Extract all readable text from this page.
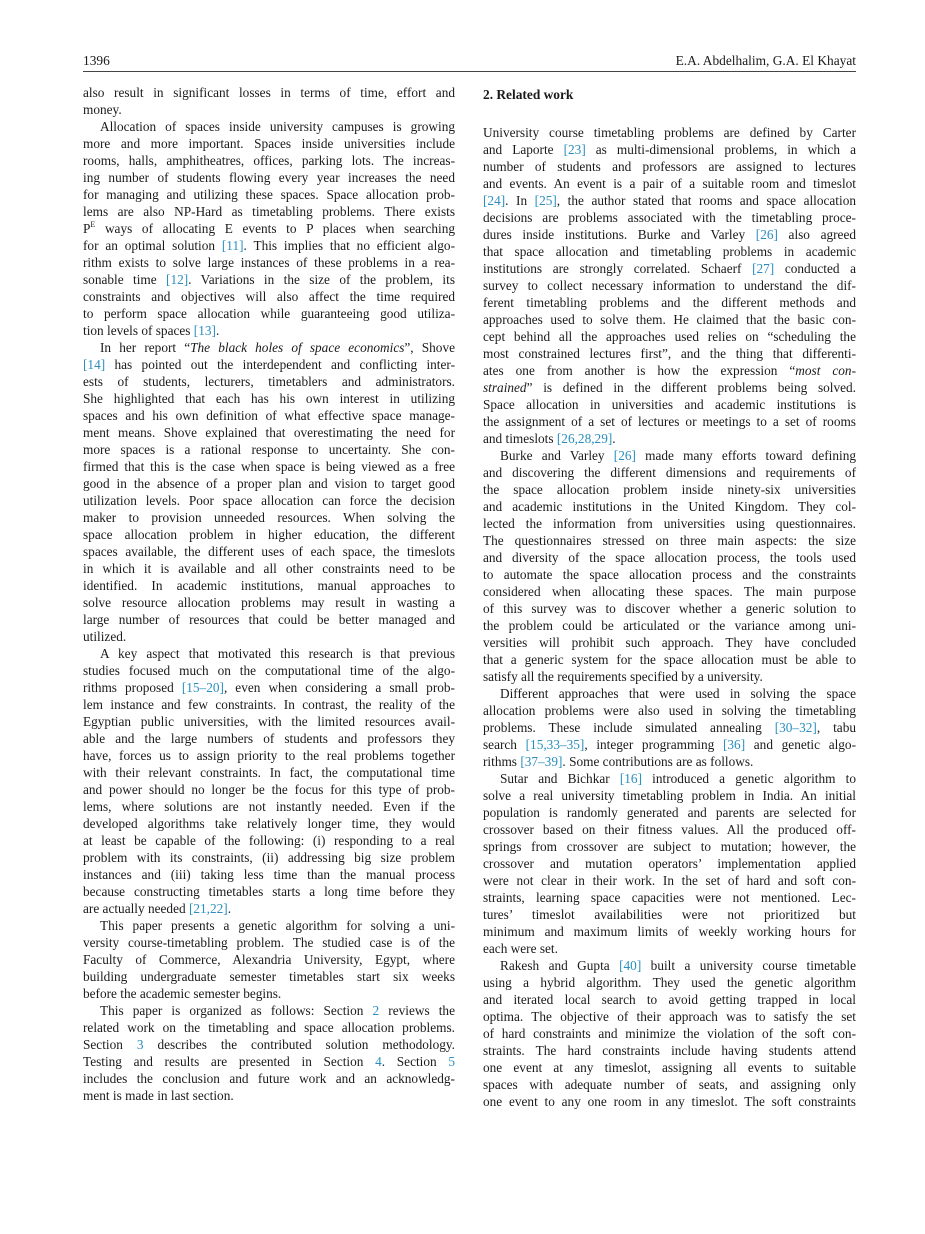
1396	E.A. Abdelhalim, G.A. El Khayat
2. Related work
also result in significant losses in terms of time, effort and
money.
Allocation of spaces inside university campuses is growing
more and more important. Spaces inside universities include
rooms, halls, amphitheatres, offices, parking lots. The increas-
ing number of students flowing every year increases the need
for managing and utilizing these spaces. Space allocation prob-
lems are also NP-Hard as timetabling problems. There exists
$P^E$ ways of allocating E events to P places when searching
for an optimal solution [11]. This implies that no efficient algo-
rithm exists to solve large instances of these problems in a rea-
sonable time [12]. Variations in the size of the problem, its
constraints and objectives will also affect the time required
to perform space allocation while guaranteeing good utiliza-
tion levels of spaces [13].
In her report “The black holes of space economics”, Shove
[14] has pointed out the interdependent and conflicting inter-
ests of students, lecturers, timetablers and administrators.
She highlighted that each has his own interest in utilizing
spaces and his own definition of what effective space manage-
ment means. Shove explained that overestimating the need for
more spaces is a rational response to uncertainty. She con-
firmed that this is the case when space is being viewed as a free
good in the absence of a proper plan and vision to target good
utilization levels. Poor space allocation can force the decision
maker to provision unneeded resources. When solving the
space allocation problem in higher education, the different
spaces available, the different uses of each space, the timeslots
in which it is available and all other constraints need to be
identified. In academic institutions, manual approaches to
solve resource allocation problems may result in wasting a
large number of resources that could be better managed and
utilized.
A key aspect that motivated this research is that previous
studies focused much on the computational time of the algo-
rithms proposed [15–20], even when considering a small prob-
lem instance and few constraints. In contrast, the reality of the
Egyptian public universities, with the limited resources avail-
able and the large numbers of students and professors they
have, forces us to assign priority to the real problems together
with their relevant constraints. In fact, the computational time
and power should no longer be the focus for this type of prob-
lems, where solutions are not instantly needed. Even if the
developed algorithms take relatively longer time, they would
at least be capable of the following: (i) responding to a real
problem with its constraints, (ii) addressing big size problem
instances and (iii) taking less time than the manual process
because constructing timetables starts a long time before they
are actually needed [21,22].
This paper presents a genetic algorithm for solving a uni-
versity course-timetabling problem. The studied case is of the
Faculty of Commerce, Alexandria University, Egypt, where
building undergraduate semester timetables start six weeks
before the academic semester begins.
This paper is organized as follows: Section 2 reviews the
related work on the timetabling and space allocation problems.
Section 3 describes the contributed solution methodology.
Testing and results are presented in Section 4. Section 5
includes the conclusion and future work and an acknowledg-
ment is made in last section.
University course timetabling problems are defined by Carter
and Laporte [23] as multi-dimensional problems, in which a
number of students and professors are assigned to lectures
and events. An event is a pair of a suitable room and timeslot
[24]. In [25], the author stated that rooms and space allocation
decisions are problems associated with the timetabling proce-
dures inside institutions. Burke and Varley [26] also agreed
that space allocation and timetabling problems in academic
institutions are strongly correlated. Schaerf [27] conducted a
survey to collect necessary information to understand the dif-
ferent timetabling problems and the different methods and
approaches used to solve them. He claimed that the basic con-
cept behind all the approaches used relies on “scheduling the
most constrained lectures first”, and the thing that differenti-
ates one from another is how the expression “most con-
strained” is defined in the different problems being solved.
Space allocation in universities and academic institutions is
the assignment of a set of lectures or meetings to a set of rooms
and timeslots [26,28,29].
Burke and Varley [26] made many efforts toward defining
and discovering the different dimensions and requirements of
the space allocation problem inside ninety-six universities
and academic institutions in the United Kingdom. They col-
lected the information from universities using questionnaires.
The questionnaires stressed on three main aspects: the size
and diversity of the space allocation process, the tools used
to automate the space allocation process and the constraints
considered when allocating these spaces. The main purpose
of this survey was to discover whether a generic solution to
the problem could be articulated or the variance among uni-
versities will prohibit such approach. They have concluded
that a generic system for the space allocation must be able to
satisfy all the requirements specified by a university.
Different approaches that were used in solving the space
allocation problems were also used in solving the timetabling
problems. These include simulated annealing [30–32], tabu
search [15,33–35], integer programming [36] and genetic algo-
rithms [37–39]. Some contributions are as follows.
Sutar and Bichkar [16] introduced a genetic algorithm to
solve a real university timetabling problem in India. An initial
population is randomly generated and parents are selected for
crossover based on their fitness values. All the produced off-
springs from crossover are subject to mutation; however, the
crossover and mutation operators’ implementation applied
were not clear in their work. In the set of hard and soft con-
straints, learning space capacities were not mentioned. Lec-
tures’ timeslot availabilities were not prioritized but
minimum and maximum limits of weekly working hours for
each were set.
Rakesh and Gupta [40] built a university course timetable
using a hybrid algorithm. They used the genetic algorithm
and iterated local search to avoid getting trapped in local
optima. The objective of their approach was to satisfy the set
of hard constraints and minimize the violation of the soft con-
straints. The hard constraints include having students attend
one event at any timeslot, assigning all events to suitable
spaces with adequate number of seats, and assigning only
one event to any one room in any timeslot. The soft constraints
